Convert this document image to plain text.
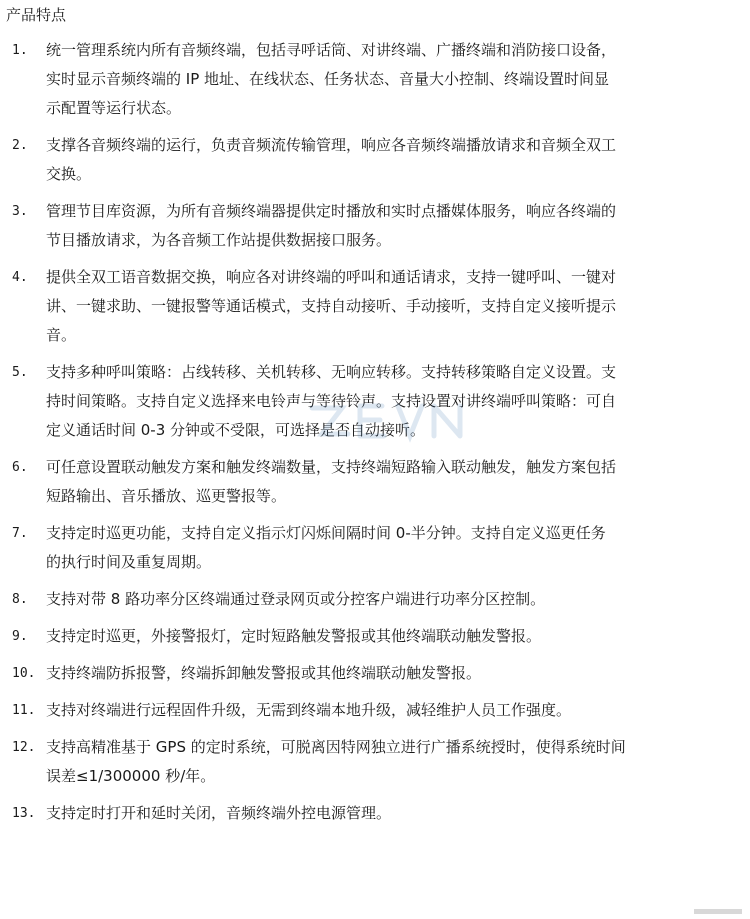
产品特点
1. 统一管理系统内所有音频终端，包括寻呼话筒、对讲终端、广播终端和消防接口设备，
实时显示音频终端的 IP 地址、在线状态、任务状态、音量大小控制、终端设置时间显
示配置等运行状态。
2. 支撑各音频终端的运行，负责音频流传输管理，响应各音频终端播放请求和音频全双工
交换。
3. 管理节目库资源，为所有音频终端器提供定时播放和实时点播媒体服务，响应各终端的
节目播放请求，为各音频工作站提供数据接口服务。
4. 提供全双工语音数据交换，响应各对讲终端的呼叫和通话请求，支持一键呼叫、一键对
讲、一键求助、一键报警等通话模式，支持自动接听、手动接听，支持自定义接听提示
音。
5. 支持多种呼叫策略：占线转移、关机转移、无响应转移。支持转移策略自定义设置。支
持时间策略。支持自定义选择来电铃声与等待铃声。支持设置对讲终端呼叫策略：可自
定义通话时间 0-3 分钟或不受限，可选择是否自动接听。
6. 可任意设置联动触发方案和触发终端数量，支持终端短路输入联动触发，触发方案包括
短路输出、音乐播放、巡更警报等。
7. 支持定时巡更功能，支持自定义指示灯闪烁间隔时间 0-半分钟。支持自定义巡更任务
的执行时间及重复周期。
8. 支持对带 8 路功率分区终端通过登录网页或分控客户端进行功率分区控制。
9. 支持定时巡更，外接警报灯，定时短路触发警报或其他终端联动触发警报。
10. 支持终端防拆报警，终端拆卸触发警报或其他终端联动触发警报。
11. 支持对终端进行远程固件升级，无需到终端本地升级，减轻维护人员工作强度。
12. 支持高精准基于 GPS 的定时系统，可脱离因特网独立进行广播系统授时，使得系统时间
误差≤1/300000 秒/年。
13. 支持定时打开和延时关闭，音频终端外控电源管理。
